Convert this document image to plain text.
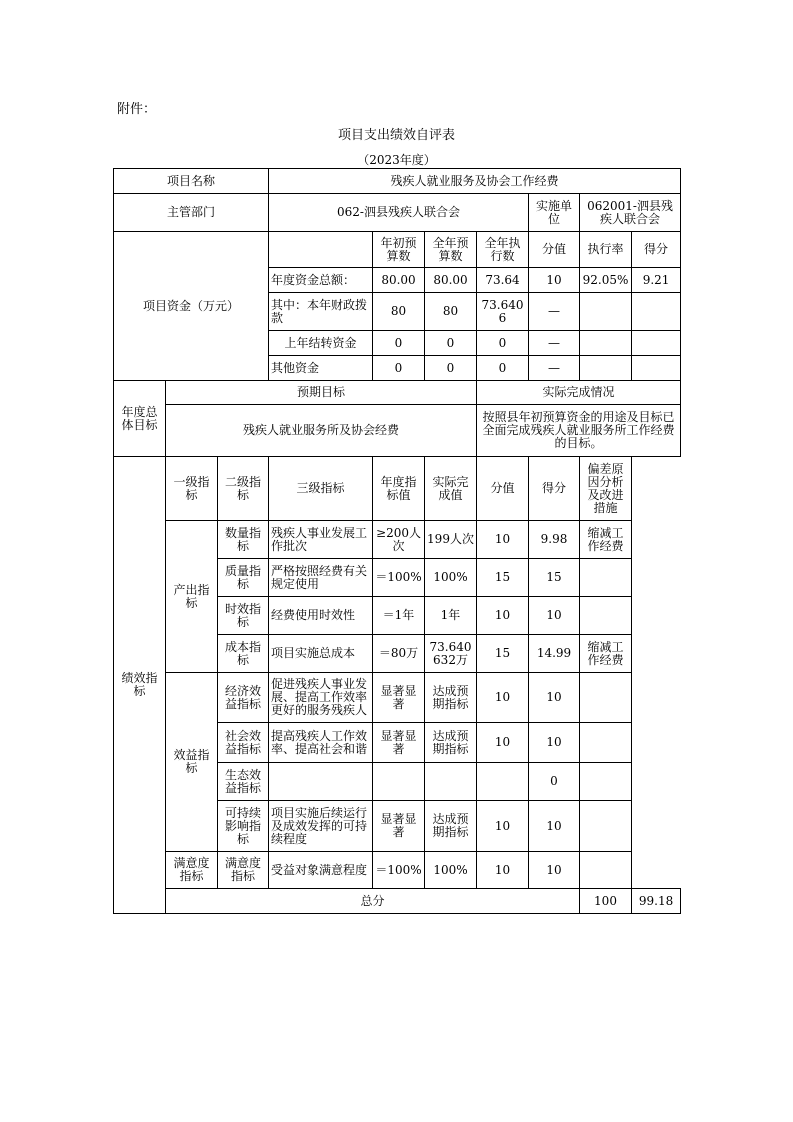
附件：
项目支出绩效自评表
（2023年度）
项目名称			残疾人就业服务及协会工作经费							
主管部门			062-泗县残疾人联合会				实施单位	062001-泗县残疾人联合会		
项目资金（万元）				年初预算数	全年预算数	全年执行数	分值	执行率	得分	
			年度资金总额：	80.00	80.00	73.64	10	92.05%	9.21	
			其中：本年财政拨款	80	80	73.6406	—			
			上年结转资金	0	0	0	—			
			其他资金	0	0	0	—			
年度总体目标	预期目标					实际完成情况				
	残疾人就业服务所及协会经费					按照县年初预算资金的用途及目标已全面完成残疾人就业服务所工作经费的目标。				
绩效指标	一级指标	二级指标	三级指标	年度指标值	实际完成值	分值	得分	偏差原因分析及改进措施		
	产出指标	数量指标	残疾人事业发展工作批次	≥200人次	199人次	10	9.98	缩减工作经费		
		质量指标	严格按照经费有关规定使用	＝100%	100%	15	15			
		时效指标	经费使用时效性	＝1年	1年	10	10			
		成本指标	项目实施总成本	＝80万	73.640632万	15	14.99	缩减工作经费		
	效益指标	经济效益指标	促进残疾人事业发展、提高工作效率更好的服务残疾人	显著显著	达成预期指标	10	10			
		社会效益指标	提高残疾人工作效率、提高社会和谐	显著显著	达成预期指标	10	10			
		生态效益指标					0			
		可持续影响指标	项目实施后续运行及成效发挥的可持续程度	显著显著	达成预期指标	10	10			
	满意度指标	满意度指标	受益对象满意程度	＝100%	100%	10	10			
	总分							100	99.18	
